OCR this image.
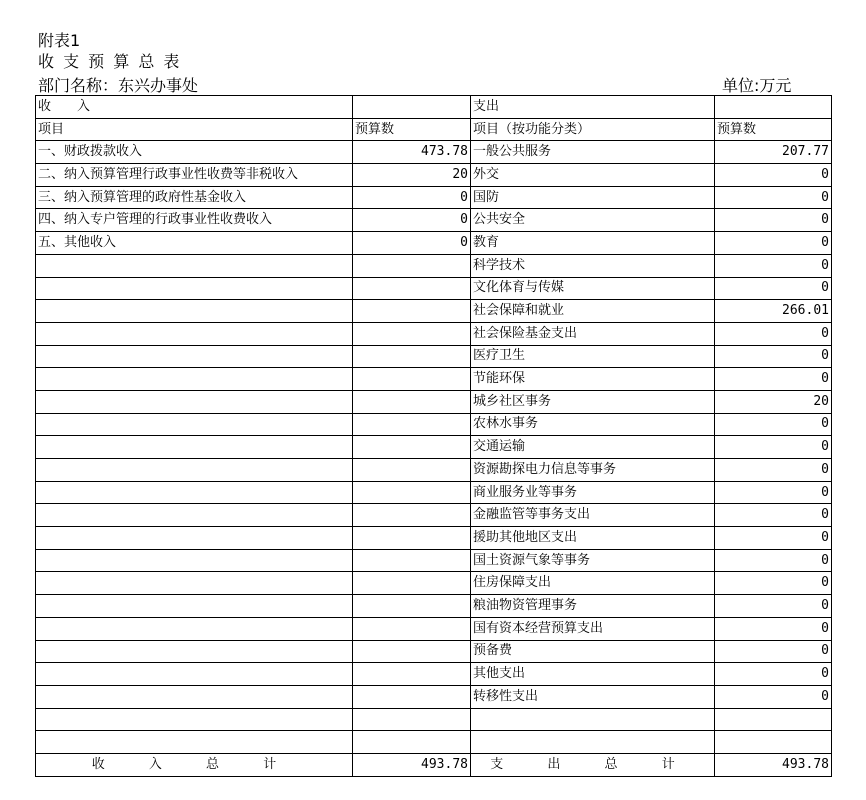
附表1
收 支 预 算 总 表
部门名称：东兴办事处	单位:万元
收　　入		支出	
项目	预算数	项目（按功能分类）	预算数
一、财政拨款收入	473.78	一般公共服务	207.77
二、纳入预算管理行政事业性收费等非税收入	20	外交	0
三、纳入预算管理的政府性基金收入	0	国防	0
四、纳入专户管理的行政事业性收费收入	0	公共安全	0
五、其他收入	0	教育	0
		科学技术	0
		文化体育与传媒	0
		社会保障和就业	266.01
		社会保险基金支出	0
		医疗卫生	0
		节能环保	0
		城乡社区事务	20
		农林水事务	0
		交通运输	0
		资源勘探电力信息等事务	0
		商业服务业等事务	0
		金融监管等事务支出	0
		援助其他地区支出	0
		国土资源气象等事务	0
		住房保障支出	0
		粮油物资管理事务	0
		国有资本经营预算支出	0
		预备费	0
		其他支出	0
		转移性支出	0

收 入 总 计	493.78	支 出 总 计	493.78
